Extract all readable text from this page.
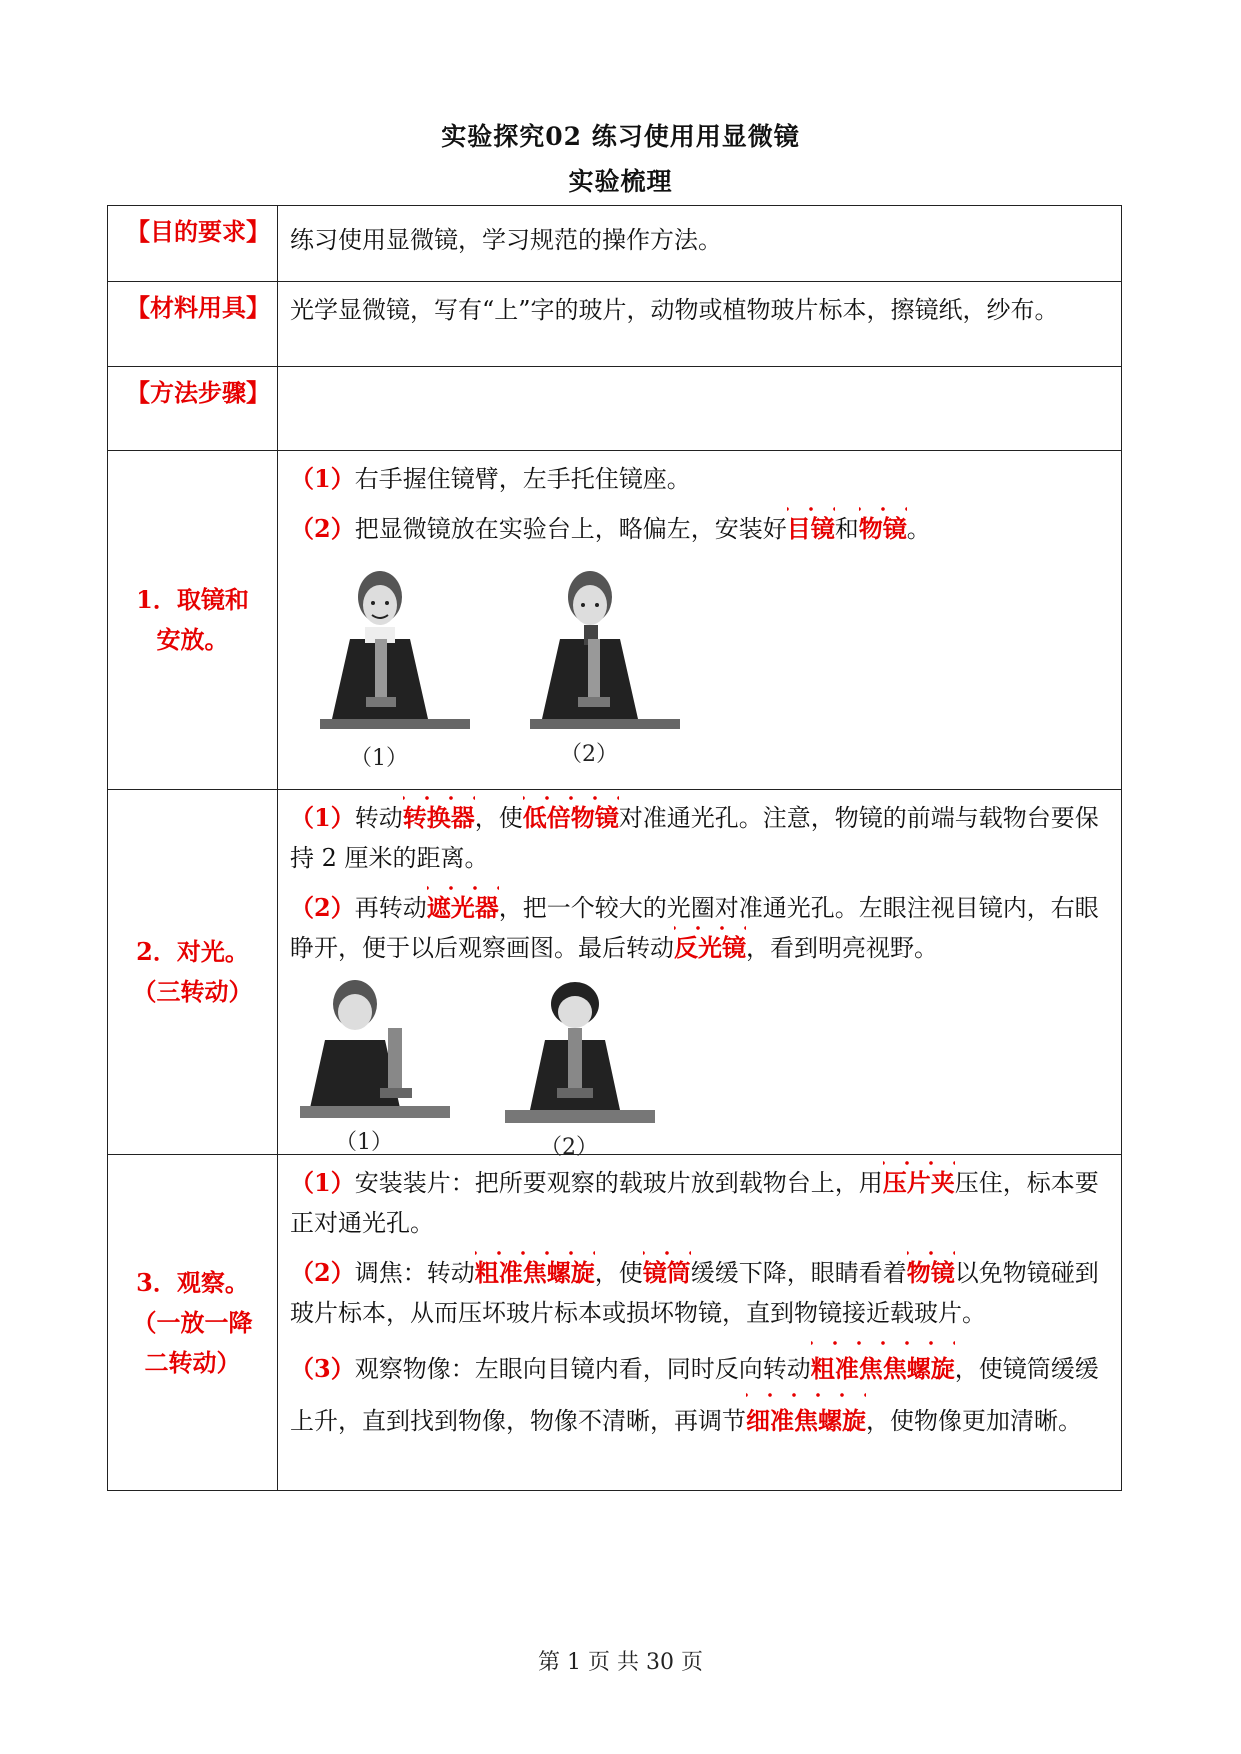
实验探究02 练习使用用显微镜
实验梳理
【目的要求】	练习使用显微镜，学习规范的操作方法。
【材料用具】	光学显微镜，写有“上”字的玻片，动物或植物玻片标本，擦镜纸，纱布。
【方法步骤】	
1．取镜和安放。	（1）右手握住镜臂，左手托住镜座。
（2）把显微镜放在实验台上，略偏左，安装好目镜和物镜。
（1） （2）

2．对光。（三转动）	（1）转动转换器，使低倍物镜对准通光孔。注意，物镜的前端与载物台要保持 2 厘米的距离。
（2）再转动遮光器，把一个较大的光圈对准通光孔。左眼注视目镜内，右眼睁开，便于以后观察画图。最后转动反光镜，看到明亮视野。
（1） （2）

3．观察。（一放一降二转动）	（1）安装装片：把所要观察的载玻片放到载物台上，用压片夹压住，标本要正对通光孔。
（2）调焦：转动粗准焦螺旋，使镜筒缓缓下降，眼睛看着物镜以免物镜碰到玻片标本，从而压坏玻片标本或损坏物镜，直到物镜接近载玻片。
（3）观察物像：左眼向目镜内看，同时反向转动粗准焦焦螺旋，使镜筒缓缓上升，直到找到物像，物像不清晰，再调节细准焦螺旋，使物像更加清晰。
第 1 页 共 30 页
